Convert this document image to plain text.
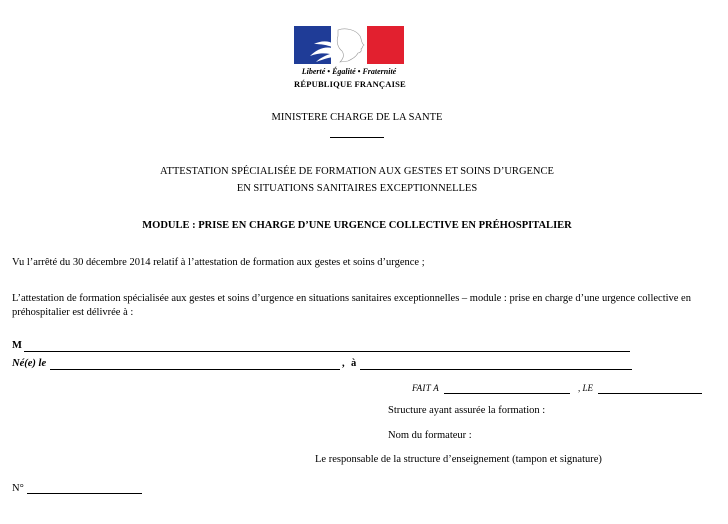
Liberté • Égalité • Fraternité
RÉPUBLIQUE FRANÇAISE
MINISTERE CHARGE DE LA SANTE
ATTESTATION SPÉCIALISÉE DE FORMATION AUX GESTES ET SOINS D’URGENCE
EN SITUATIONS SANITAIRES EXCEPTIONNELLES
MODULE : PRISE EN CHARGE D’UNE URGENCE COLLECTIVE EN PRÉHOSPITALIER
Vu l’arrêté du 30 décembre 2014 relatif à l’attestation de formation aux gestes et soins d’urgence ;
L’attestation de formation spécialisée aux gestes et soins d’urgence en situations sanitaires exceptionnelles – module : prise en charge d’une urgence collective en préhospitalier est délivrée à :
M
Né(e) le	, à
FAIT A	, LE
Structure ayant assurée la formation :
Nom du formateur :
Le responsable de la structure d’enseignement (tampon et signature)
N°
